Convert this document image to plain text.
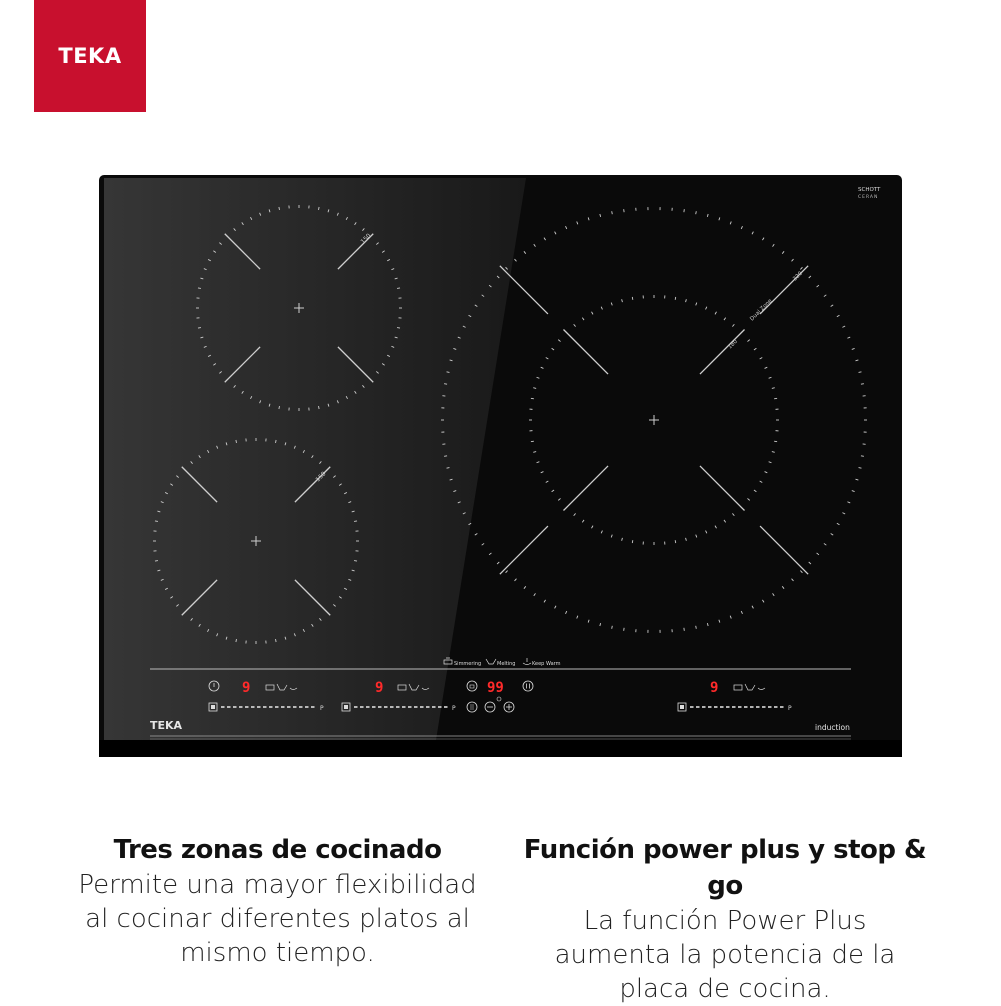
TEKA
SCHOTT
CERAN
150
150
180
Dual Zone
320
Simmering	Melting	Keep Warm
9	9	99	9
P	P	P
TEKA	induction
Tres zonas de cocinado
Permite una mayor flexibilidad
al cocinar diferentes platos al
mismo tiempo.
Función power plus y stop & go
La función Power Plus
aumenta la potencia de la
placa de cocina.
